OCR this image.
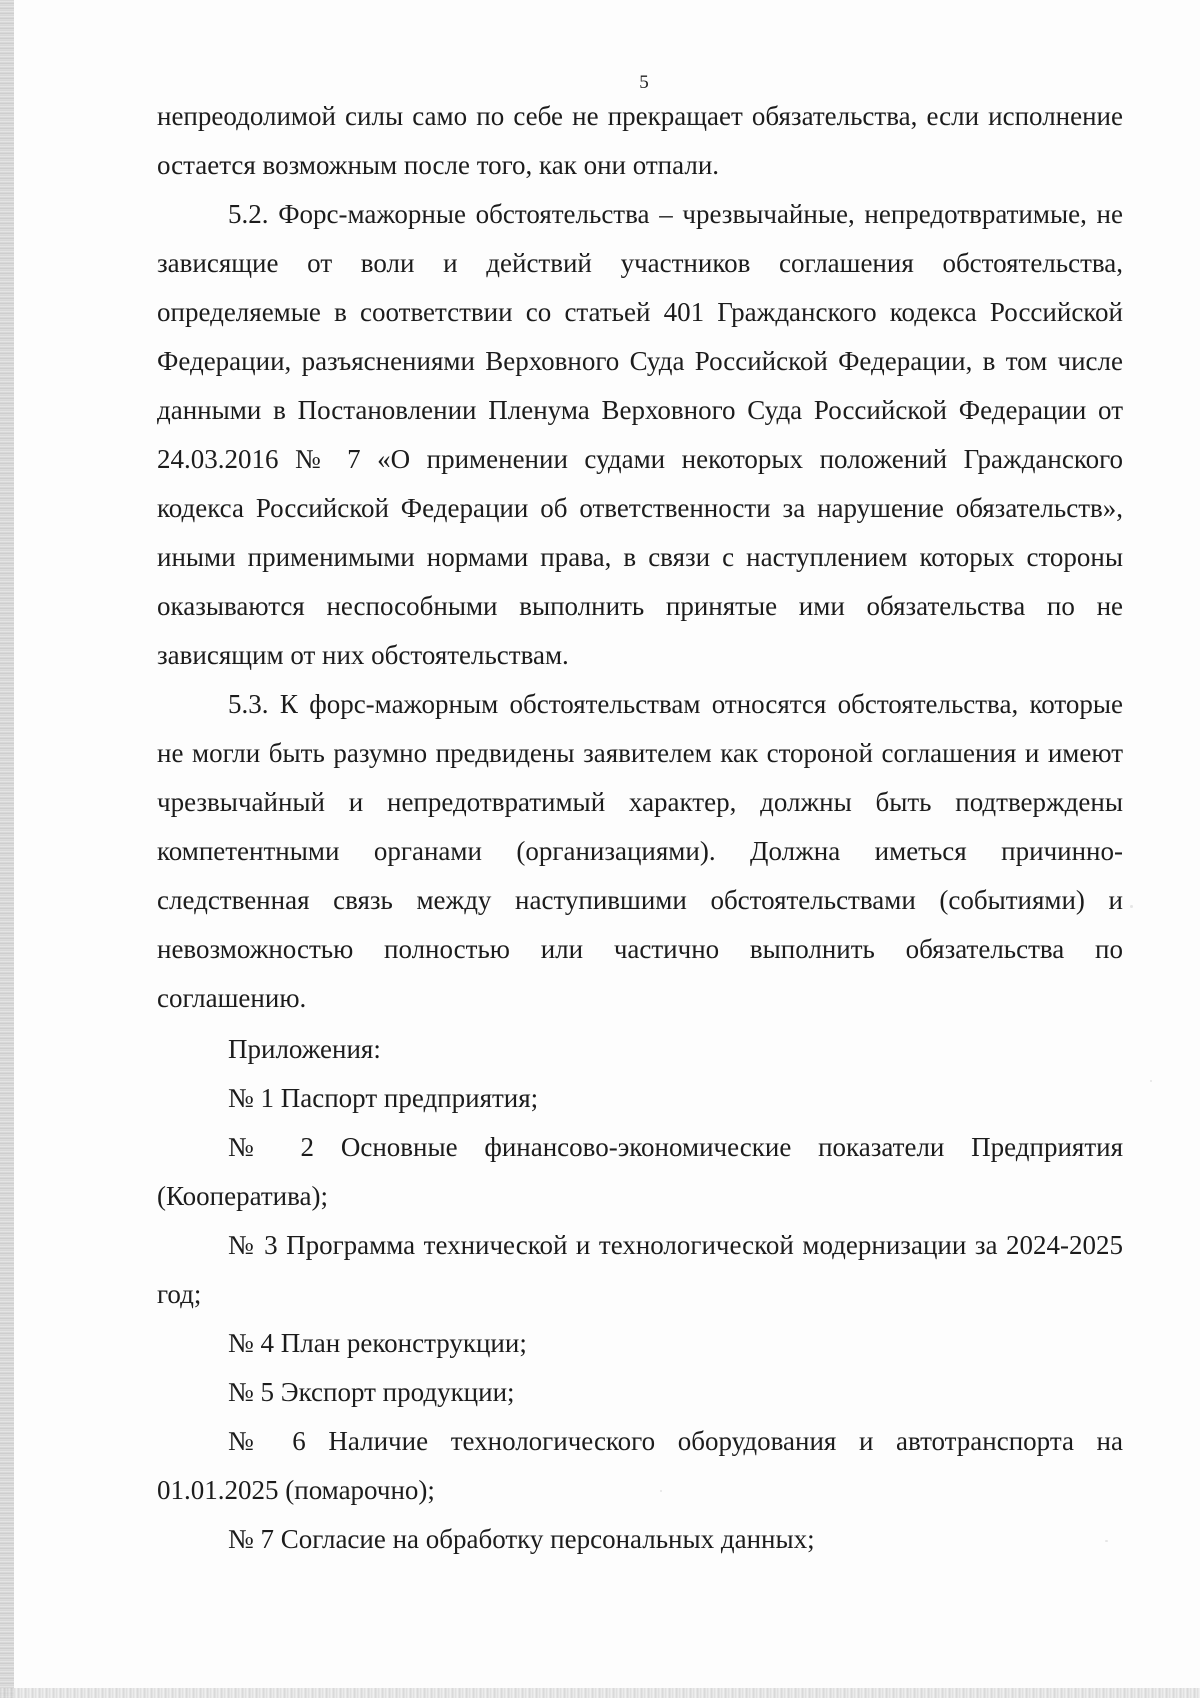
5

непреодолимой силы само по себе не прекращает обязательства, если исполнение остается возможным после того, как они отпали.

5.2. Форс-мажорные обстоятельства – чрезвычайные, непредотвратимые, не зависящие от воли и действий участников соглашения обстоятельства, определяемые в соответствии со статьей 401 Гражданского кодекса Российской Федерации, разъяснениями Верховного Суда Российской Федерации, в том числе данными в Постановлении Пленума Верховного Суда Российской Федерации от 24.03.2016 № 7 «О применении судами некоторых положений Гражданского кодекса Российской Федерации об ответственности за нарушение обязательств», иными применимыми нормами права, в связи с наступлением которых стороны оказываются неспособными выполнить принятые ими обязательства по не зависящим от них обстоятельствам.

5.3. К форс-мажорным обстоятельствам относятся обстоятельства, которые не могли быть разумно предвидены заявителем как стороной соглашения и имеют чрезвычайный и непредотвратимый характер, должны быть подтверждены компетентными органами (организациями). Должна иметься причинно-следственная связь между наступившими обстоятельствами (событиями) и невозможностью полностью или частично выполнить обязательства по соглашению.

Приложения:

№ 1 Паспорт предприятия;

№ 2 Основные финансово-экономические показатели Предприятия (Кооператива);

№ 3 Программа технической и технологической модернизации за 2024-2025 год;

№ 4 План реконструкции;

№ 5 Экспорт продукции;

№ 6 Наличие технологического оборудования и автотранспорта на 01.01.2025 (помарочно);

№ 7 Согласие на обработку персональных данных;
